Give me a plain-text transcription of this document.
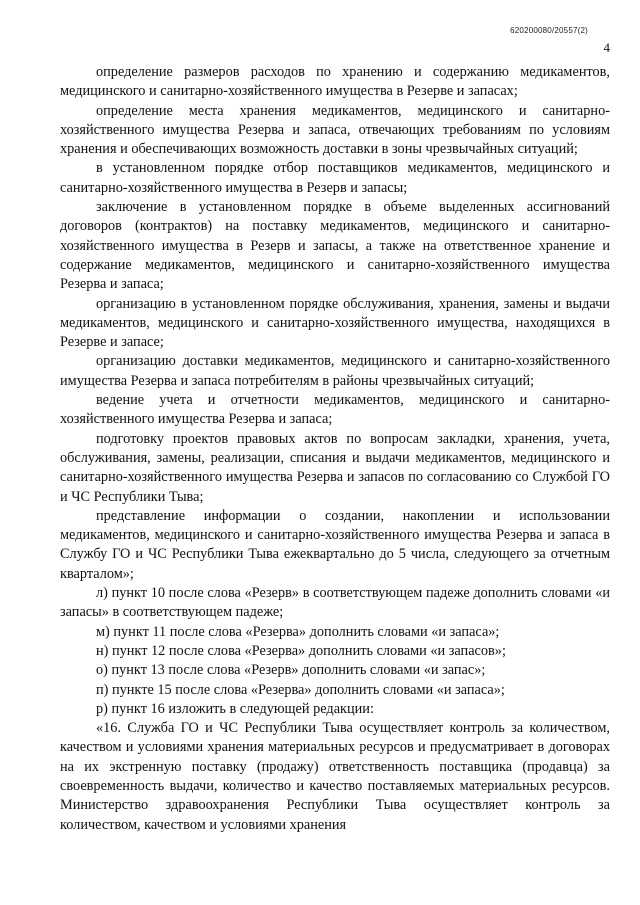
620200080/20557(2)
4

определение размеров расходов по хранению и содержанию медикаментов, медицинского и санитарно-хозяйственного имущества в Резерве и запасах;

определение места хранения медикаментов, медицинского и санитарно-хозяйственного имущества Резерва и запаса, отвечающих требованиям по условиям хранения и обеспечивающих возможность доставки в зоны чрезвычайных ситуаций;

в установленном порядке отбор поставщиков медикаментов, медицинского и санитарно-хозяйственного имущества в Резерв и запасы;

заключение в установленном порядке в объеме выделенных ассигнований договоров (контрактов) на поставку медикаментов, медицинского и санитарно-хозяйственного имущества в Резерв и запасы, а также на ответственное хранение и содержание медикаментов, медицинского и санитарно-хозяйственного имущества Резерва и запаса;

организацию в установленном порядке обслуживания, хранения, замены и выдачи медикаментов, медицинского и санитарно-хозяйственного имущества, находящихся в Резерве и запасе;

организацию доставки медикаментов, медицинского и санитарно-хозяйственного имущества Резерва и запаса потребителям в районы чрезвычайных ситуаций;

ведение учета и отчетности медикаментов, медицинского и санитарно-хозяйственного имущества Резерва и запаса;

подготовку проектов правовых актов по вопросам закладки, хранения, учета, обслуживания, замены, реализации, списания и выдачи медикаментов, медицинского и санитарно-хозяйственного имущества Резерва и запасов по согласованию со Службой ГО и ЧС Республики Тыва;

представление информации о создании, накоплении и использовании медикаментов, медицинского и санитарно-хозяйственного имущества Резерва и запаса в Службу ГО и ЧС Республики Тыва ежеквартально до 5 числа, следующего за отчетным кварталом»;

л) пункт 10 после слова «Резерв» в соответствующем падеже дополнить словами «и запасы» в соответствующем падеже;

м) пункт 11 после слова «Резерва» дополнить словами «и запаса»;

н) пункт 12 после слова «Резерва» дополнить словами «и запасов»;

о) пункт 13 после слова «Резерв» дополнить словами «и запас»;

п) пункте 15 после слова «Резерва» дополнить словами «и запаса»;

р) пункт 16 изложить в следующей редакции:

«16. Служба ГО и ЧС Республики Тыва осуществляет контроль за количеством, качеством и условиями хранения материальных ресурсов и предусматривает в договорах на их экстренную поставку (продажу) ответственность поставщика (продавца) за своевременность выдачи, количество и качество поставляемых материальных ресурсов. Министерство здравоохранения Республики Тыва осуществляет контроль за количеством, качеством и условиями хранения
